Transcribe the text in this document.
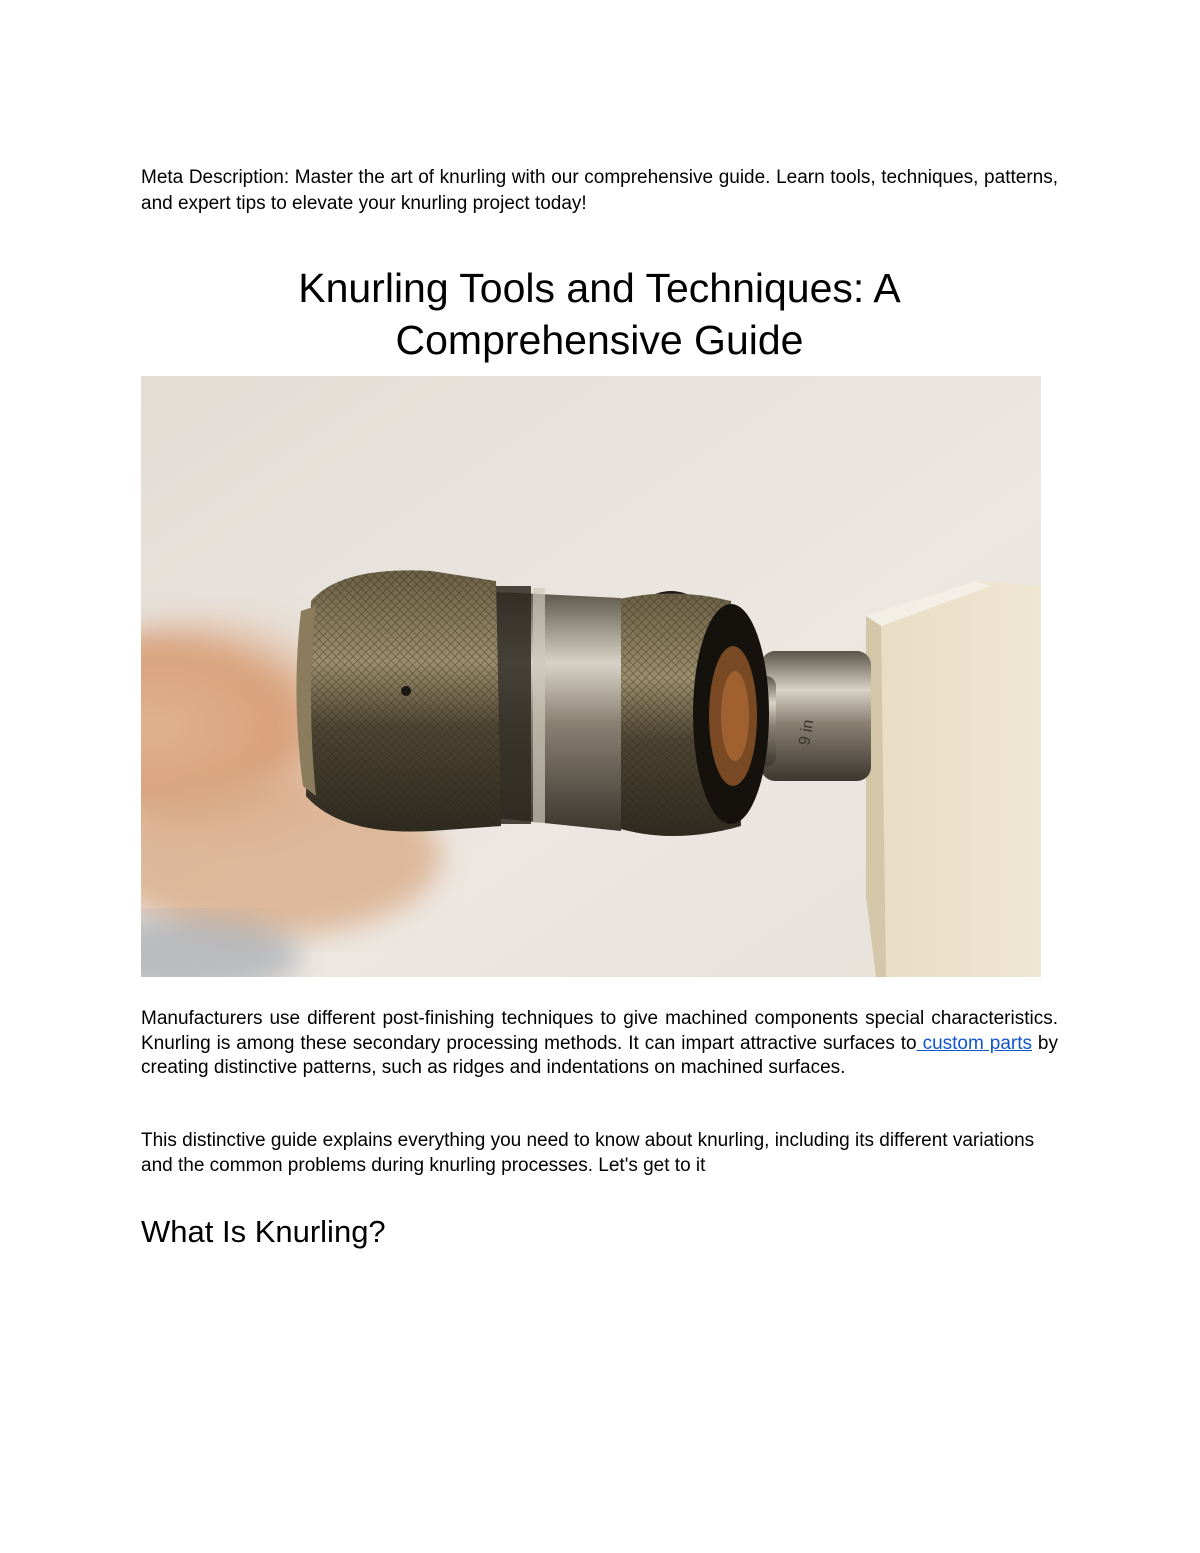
Meta Description: Master the art of knurling with our comprehensive guide. Learn tools, techniques, patterns, and expert tips to elevate your knurling project today!

Knurling Tools and Techniques: A
Comprehensive Guide
9 in

Manufacturers use different post-finishing techniques to give machined components special characteristics. Knurling is among these secondary processing methods. It can impart attractive surfaces to custom parts by creating distinctive patterns, such as ridges and indentations on machined surfaces.

This distinctive guide explains everything you need to know about knurling, including its different variations and the common problems during knurling processes. Let's get to it

What Is Knurling?
